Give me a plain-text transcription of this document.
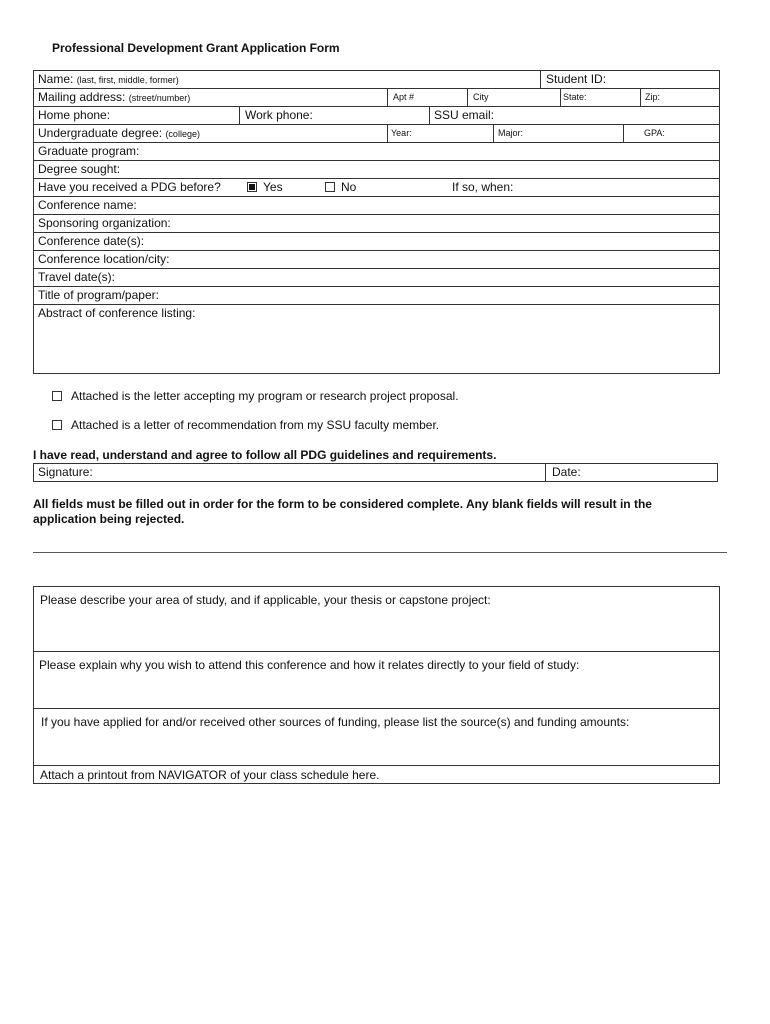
Professional Development Grant Application Form
Name: (last, first, middle, former)	Student ID:
Mailing address: (street/number)	Apt #	City	State:	Zip:
Home phone:	Work phone:	SSU email:
Undergraduate degree: (college)	Year:	Major:	GPA:
Graduate program:
Degree sought:
Have you received a PDG before?	Yes	No	If so, when:
Conference name:
Sponsoring organization:
Conference date(s):
Conference location/city:
Travel date(s):
Title of program/paper:
Abstract of conference listing:
Attached is the letter accepting my program or research project proposal.
Attached is a letter of recommendation from my SSU faculty member.
I have read, understand and agree to follow all PDG guidelines and requirements.
Signature:	Date:
All fields must be filled out in order for the form to be considered complete. Any blank fields will result in the application being rejected.
Please describe your area of study, and if applicable, your thesis or capstone project:
Please explain why you wish to attend this conference and how it relates directly to your field of study:
If you have applied for and/or received other sources of funding, please list the source(s) and funding amounts:
Attach a printout from NAVIGATOR of your class schedule here.
